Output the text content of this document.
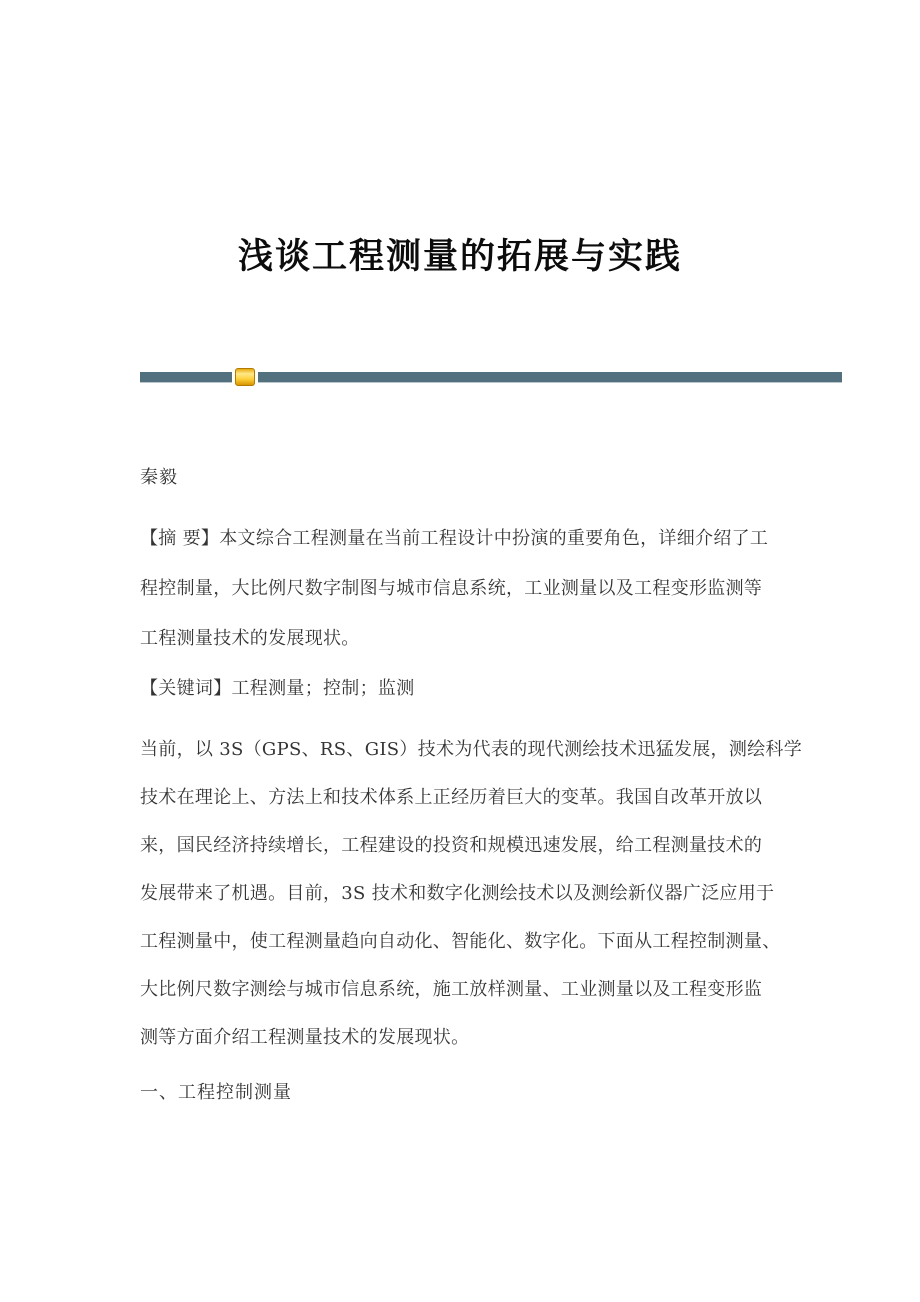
浅谈工程测量的拓展与实践
秦毅
【摘 要】本文综合工程测量在当前工程设计中扮演的重要角色，详细介绍了工
程控制量，大比例尺数字制图与城市信息系统，工业测量以及工程变形监测等
工程测量技术的发展现状。
【关键词】工程测量；控制；监测
当前，以 3S（GPS、RS、GIS）技术为代表的现代测绘技术迅猛发展，测绘科学
技术在理论上、方法上和技术体系上正经历着巨大的变革。我国自改革开放以
来，国民经济持续增长，工程建设的投资和规模迅速发展，给工程测量技术的
发展带来了机遇。目前，3S 技术和数字化测绘技术以及测绘新仪器广泛应用于
工程测量中，使工程测量趋向自动化、智能化、数字化。下面从工程控制测量、
大比例尺数字测绘与城市信息系统，施工放样测量、工业测量以及工程变形监
测等方面介绍工程测量技术的发展现状。
一、工程控制测量
